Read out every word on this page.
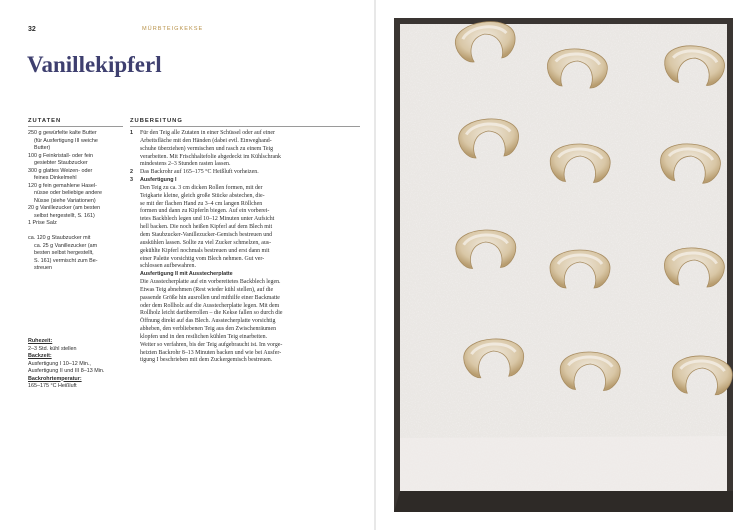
32	MÜRBTEIGKEKSE
Vanillekipferl
ZUTATEN	ZUBEREITUNG
250 g gewürfelte kalte Butter
(für Ausfertigung III weiche
Butter)
100 g Feinkristall- oder fein
gesiebter Staubzucker
300 g glattes Weizen- oder
feines Dinkelmehl
120 g fein gemahlene Hasel-
nüsse oder beliebige andere
Nüsse (siehe Variationen)
20 g Vanillezucker (am besten
selbst hergestellt, S. 161)
1 Prise Salz

ca. 120 g Staubzucker mit
ca. 25 g Vanillezucker (am
besten selbst hergestellt,
S. 161) vermischt zum Be-
streuen
Ruhezeit:
2–3 Std. kühl stellen
Backzeit:
Ausfertigung I 10–12 Min.,
Ausfertigung II und III 8–13 Min.
Backrohrtemperatur:
165–175 °C Heißluft
1 Für den Teig alle Zutaten in einer Schüssel oder auf einer
Arbeitsfläche mit den Händen (dabei evtl. Einweghand-
schuhe überziehen) vermischen und rasch zu einem Teig
verarbeiten. Mit Frischhaltefolie abgedeckt im Kühlschrank
mindestens 2–3 Stunden rasten lassen.
2 Das Backrohr auf 165–175 °C Heißluft vorheizen.
3 Ausfertigung I
Den Teig zu ca. 3 cm dicken Rollen formen, mit der
Teigkarte kleine, gleich große Stücke abstechen, die-
se mit der flachen Hand zu 3–4 cm langen Röllchen
formen und dann zu Kipferln biegen. Auf ein vorberei-
tetes Backblech legen und 10–12 Minuten unter Aufsicht
hell backen. Die noch heißen Kipferl auf dem Blech mit
dem Staubzucker-Vanillezucker-Gemisch bestreuen und
auskühlen lassen. Sollte zu viel Zucker schmelzen, aus-
gekühlte Kipferl nochmals bestreuen und erst dann mit
einer Palette vorsichtig vom Blech nehmen. Gut ver-
schlossen aufbewahren.
Ausfertigung II mit Ausstecherplatte
Die Ausstecherplatte auf ein vorbereitetes Backblech legen.
Etwas Teig abnehmen (Rest wieder kühl stellen), auf die
passende Größe hin ausrollen und mithilfe einer Backmatte
oder dem Rollholz auf die Ausstecherplatte legen. Mit dem
Rollholz leicht darüberrollen – die Kekse fallen so durch die
Öffnung direkt auf das Blech. Ausstecherplatte vorsichtig
abheben, den verbliebenen Teig aus den Zwischenräumen
klopfen und in den restlichen kühlen Teig einarbeiten.
Weiter so verfahren, bis der Teig aufgebraucht ist. Im vorge-
heizten Backrohr 8–13 Minuten backen und wie bei Ausfer-
tigung I beschrieben mit dem Zuckergemisch bestreuen.
